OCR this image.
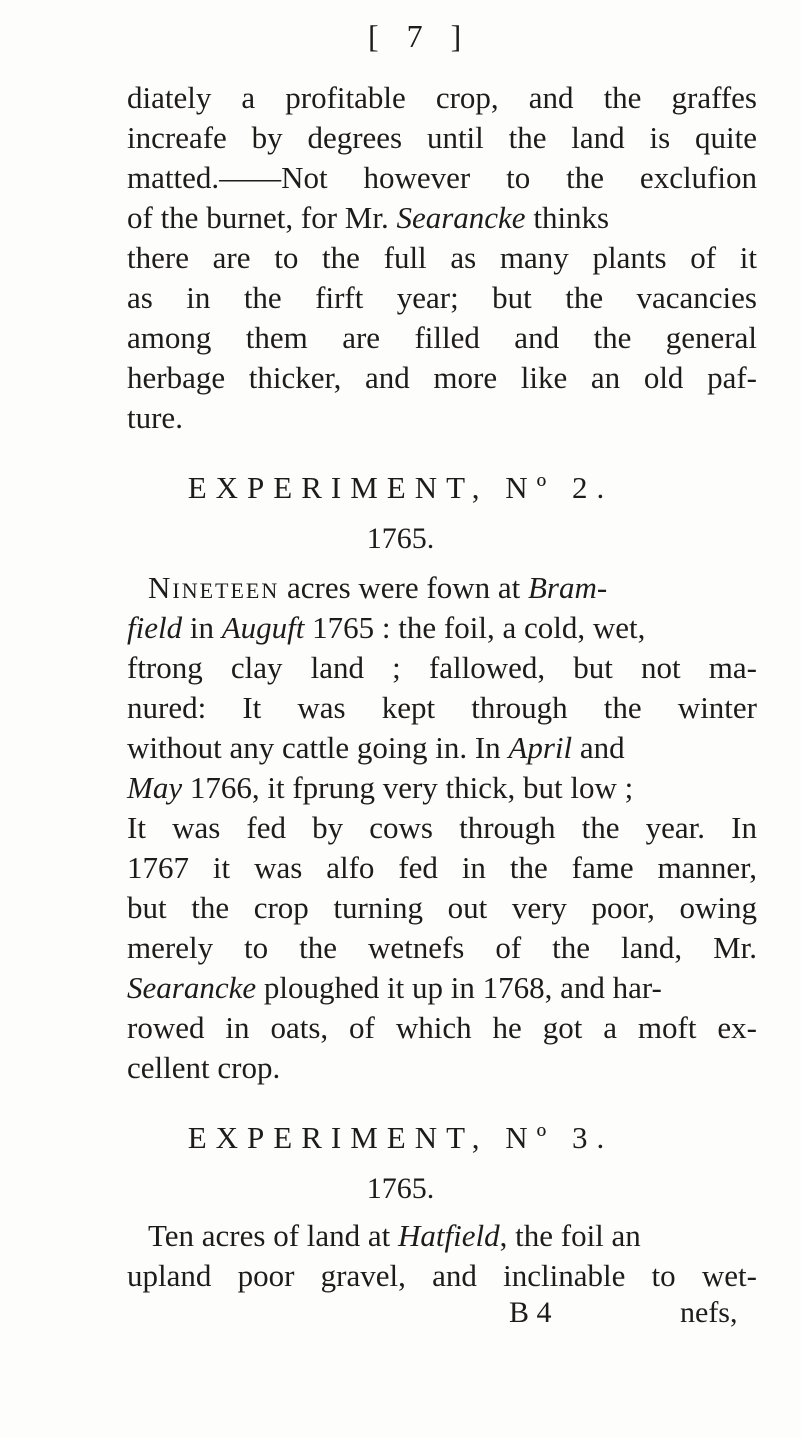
[ 7 ]
diately a profitable crop, and the graffes
increafe by degrees until the land is quite
matted.——Not however to the exclufion
of the burnet, for Mr. Searancke thinks
there are to the full as many plants of it
as in the firft year; but the vacancies
among them are filled and the general
herbage thicker, and more like an old paf-
ture.
EXPERIMENT, Nº 2.
1765.
Nineteen acres were fown at Bram-
field in Auguft 1765 : the foil, a cold, wet,
ftrong clay land ; fallowed, but not ma-
nured: It was kept through the winter
without any cattle going in. In April and
May 1766, it fprung very thick, but low ;
It was fed by cows through the year. In
1767 it was alfo fed in the fame manner,
but the crop turning out very poor, owing
merely to the wetnefs of the land, Mr.
Searancke ploughed it up in 1768, and har-
rowed in oats, of which he got a moft ex-
cellent crop.
EXPERIMENT, Nº 3.
1765.
Ten acres of land at Hatfield, the foil an
upland poor gravel, and inclinable to wet-
B 4	nefs,
